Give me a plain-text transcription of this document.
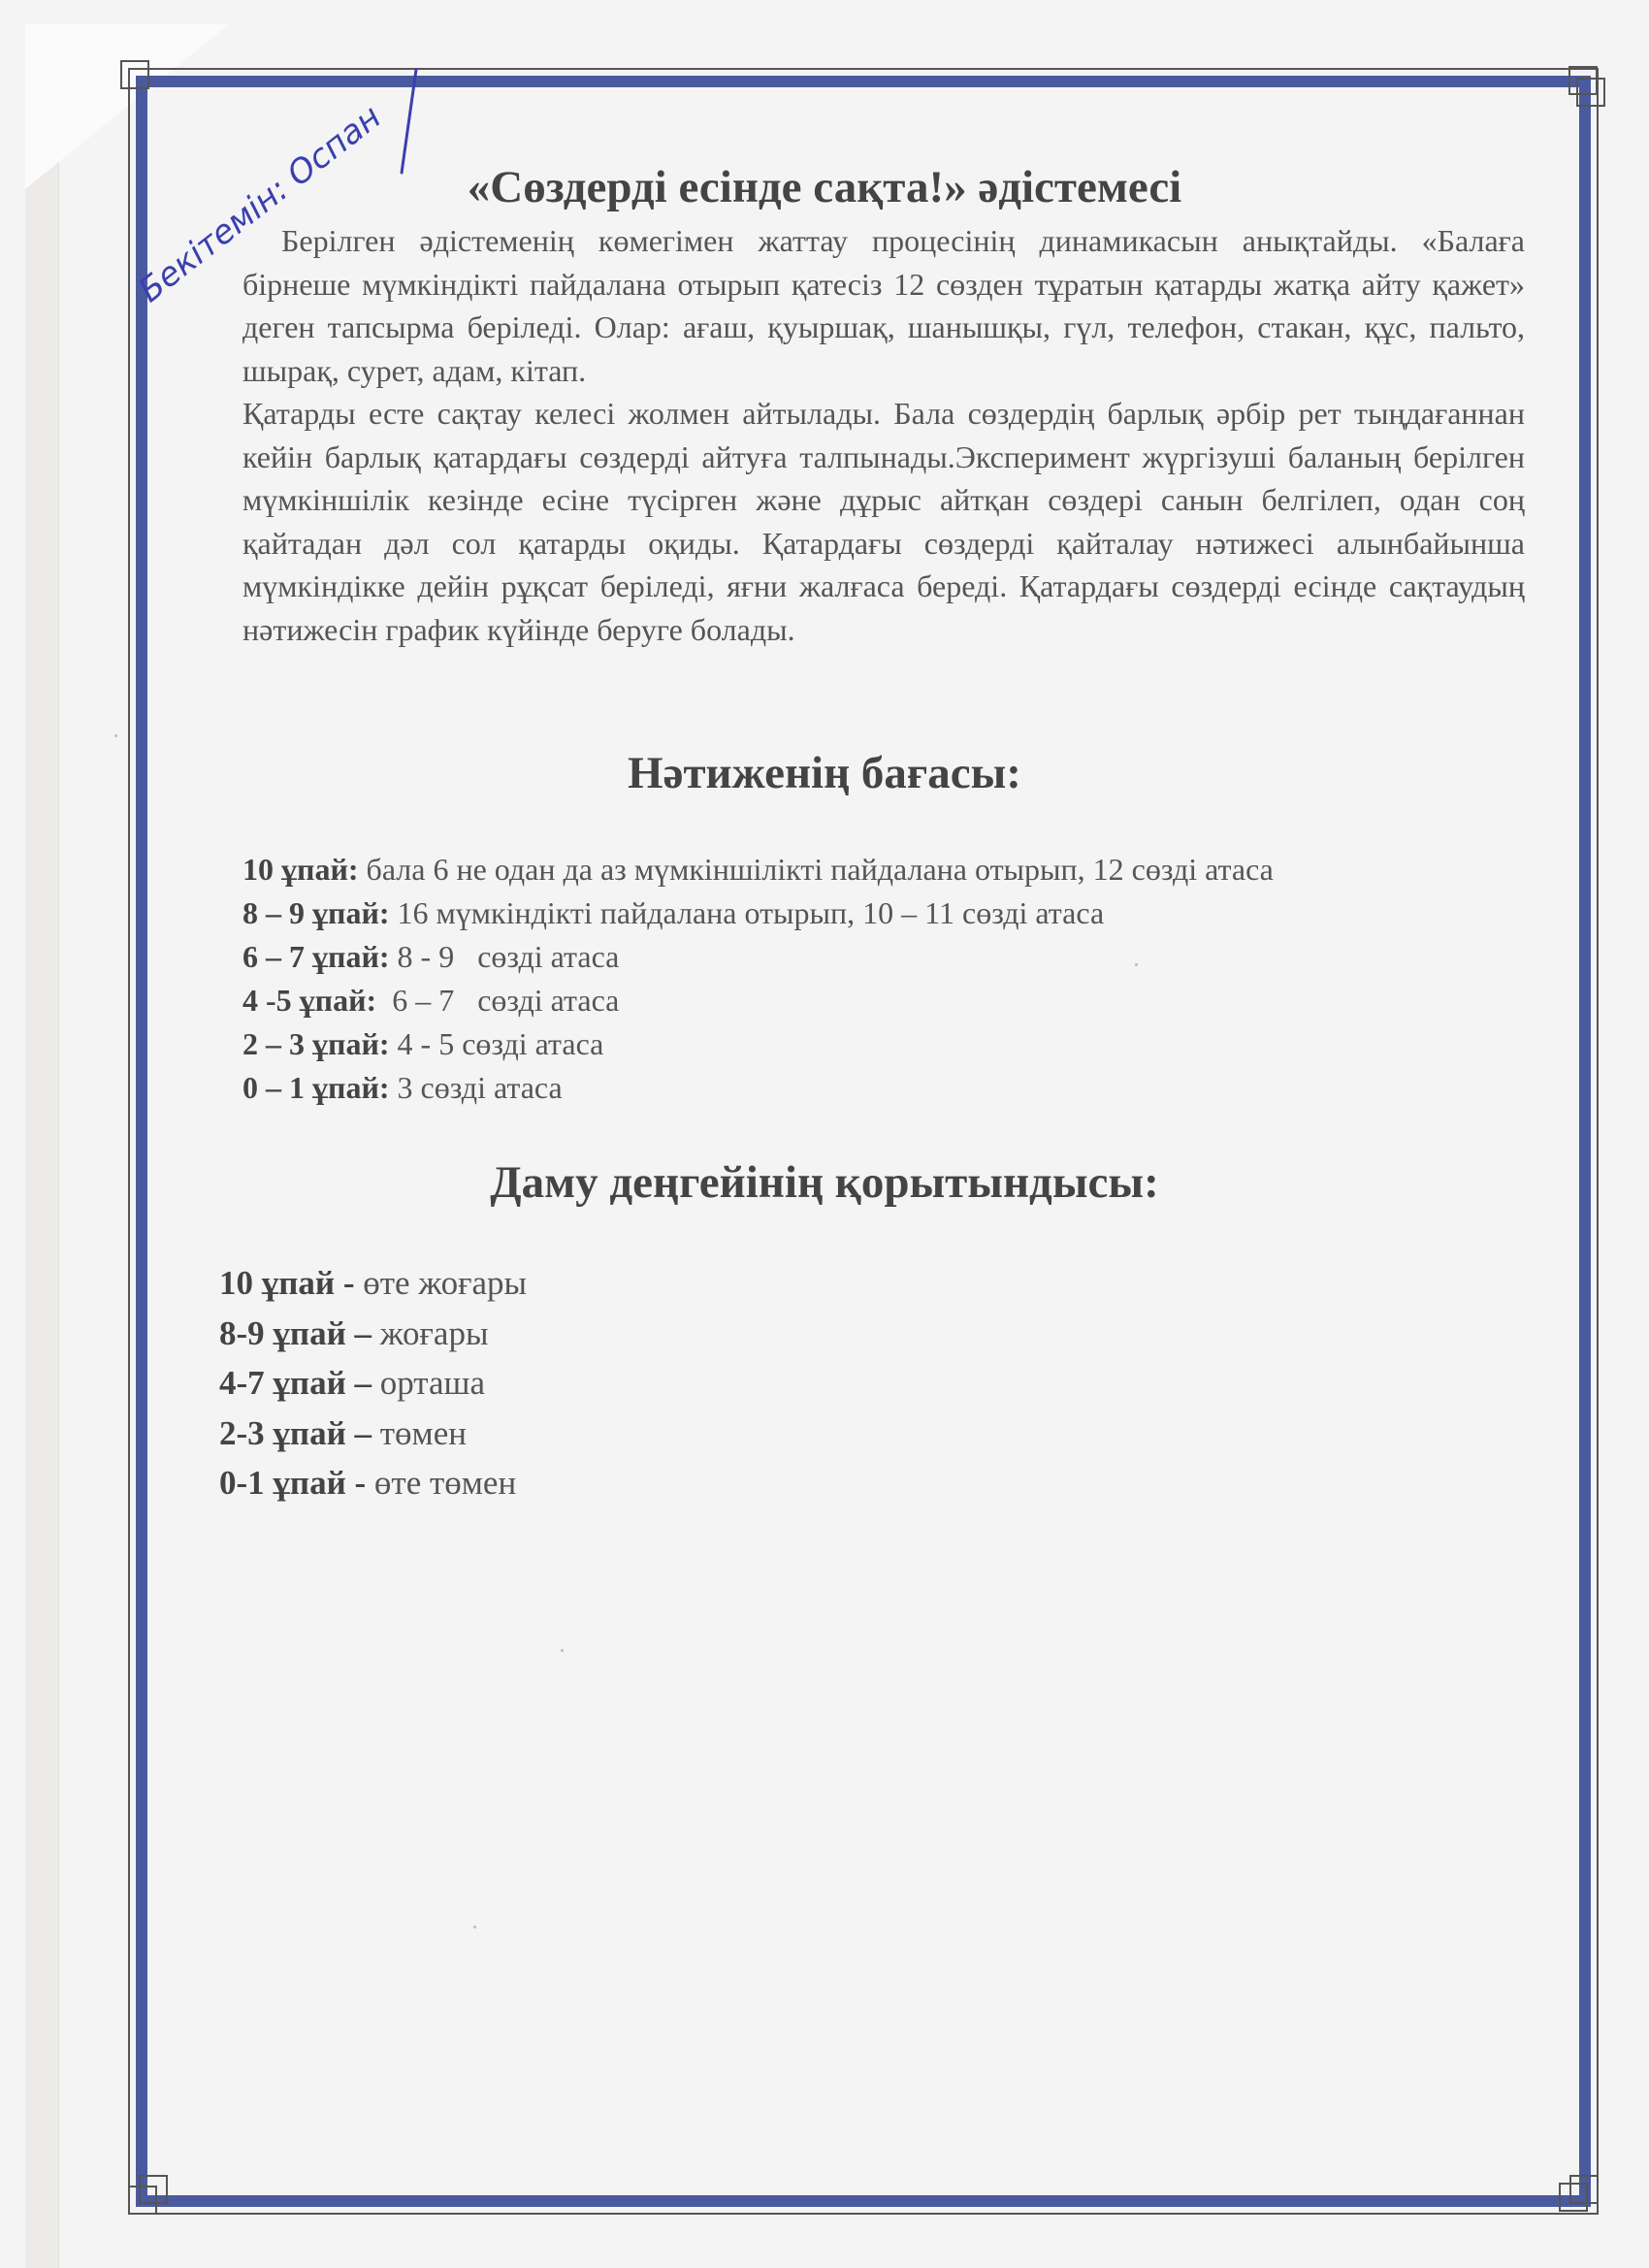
Бекітемін: Оспан	«Сөздерді есінде сақта!» әдістемесі

Берілген әдістеменің көмегімен жаттау процесінің динамикасын анықтайды. «Балаға бірнеше мүмкіндікті пайдалана отырып қатесіз 12 сөзден тұратын қатарды жатқа айту қажет» деген тапсырма беріледі. Олар: ағаш, қуыршақ, шанышқы, гүл, телефон, стакан, құс, пальто, шырақ, сурет, адам, кітап.

Қатарды есте сақтау келесі жолмен айтылады. Бала сөздердің барлық әрбір рет тыңдағаннан кейін барлық қатардағы сөздерді айтуға талпынады.Эксперимент жүргізуші баланың берілген мүмкіншілік кезінде есіне түсірген және дұрыс айтқан сөздері санын белгілеп, одан соң қайтадан дәл сол қатарды оқиды. Қатардағы сөздерді қайталау нәтижесі алынбайынша мүмкіндікке дейін рұқсат беріледі, яғни жалғаса береді. Қатардағы сөздерді есінде сақтаудың нәтижесін график күйінде беруге болады.

Нәтиженің бағасы:
10 ұпай: бала 6 не одан да аз мүмкіншілікті пайдалана отырып, 12 сөзді атаса
8 – 9 ұпай: 16 мүмкіндікті пайдалана отырып, 10 – 11 сөзді атаса
6 – 7 ұпай: 8 - 9   сөзді атаса
4 -5 ұпай:  6 – 7   сөзді атаса
2 – 3 ұпай: 4 - 5 сөзді атаса
0 – 1 ұпай: 3 сөзді атаса
Даму деңгейінің қорытындысы:
10 ұпай - өте жоғары
8-9 ұпай – жоғары
4-7 ұпай – орташа
2-3 ұпай – төмен
0-1 ұпай - өте төмен
